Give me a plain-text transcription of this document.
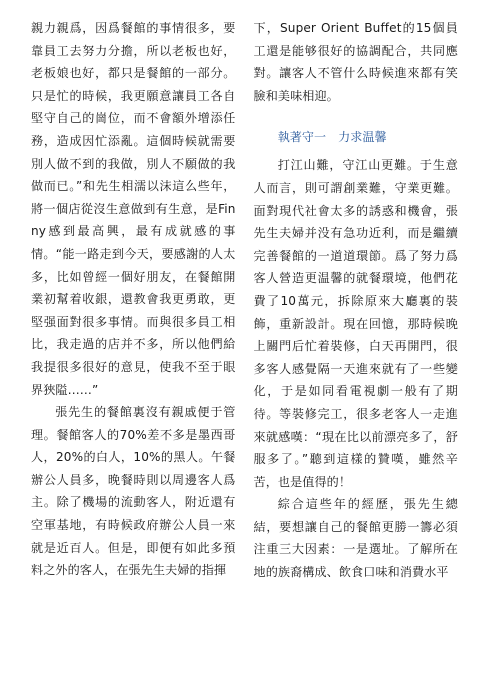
親力親爲，因爲餐館的事情很多，要靠員工去努力分擔，所以老板也好，老板娘也好，都只是餐館的一部分。只是忙的時候，我更願意讓員工各自堅守自己的崗位，而不會額外增添任務，造成因忙添亂。這個時候就需要別人做不到的我做，別人不願做的我做而已。”和先生相濡以沫這么些年，將一個店從沒生意做到有生意，是Finny感到最高興，最有成就感的事情。“能一路走到今天，要感謝的人太多，比如曾經一個好朋友，在餐館開業初幫着收銀，還教會我更勇敢，更堅强面對很多事情。而與很多員工相比，我走過的店并不多，所以他們給我提很多很好的意見，使我不至于眼界狹隘……”

張先生的餐館裏沒有親戚便于管理。餐館客人的70%差不多是墨西哥人，20%的白人，10%的黑人。午餐辦公人員多，晚餐時則以周邊客人爲主。除了機場的流動客人，附近還有空軍基地，有時候政府辦公人員一來就是近百人。但是，即便有如此多預料之外的客人，在張先生夫婦的指揮

下，Super Orient Buffet的15個員工還是能够很好的協調配合，共同應對。讓客人不管什么時候進來都有笑臉和美味相迎。

執著守一　力求温馨

打江山難，守江山更難。于生意人而言，則可謂創業難，守業更難。面對現代社會太多的誘惑和機會，張先生夫婦并没有急功近利，而是繼續完善餐館的一道道環節。爲了努力爲客人營造更温馨的就餐環境，他們花費了10萬元，拆除原來大廳裏的裝飾，重新設計。現在回憶，那時候晚上關門后忙着裝修，白天再開門，很多客人感覺隔一天進來就有了一些變化，于是如同看電視劇一般有了期待。等裝修完工，很多老客人一走進來就感嘆：“現在比以前漂亮多了，舒服多了。”聽到這樣的贊嘆，雖然辛苦，也是值得的！

綜合這些年的經歷，張先生總結，要想讓自己的餐館更勝一籌必須注重三大因素：一是選址。了解所在地的族裔構成、飲食口味和消費水平
